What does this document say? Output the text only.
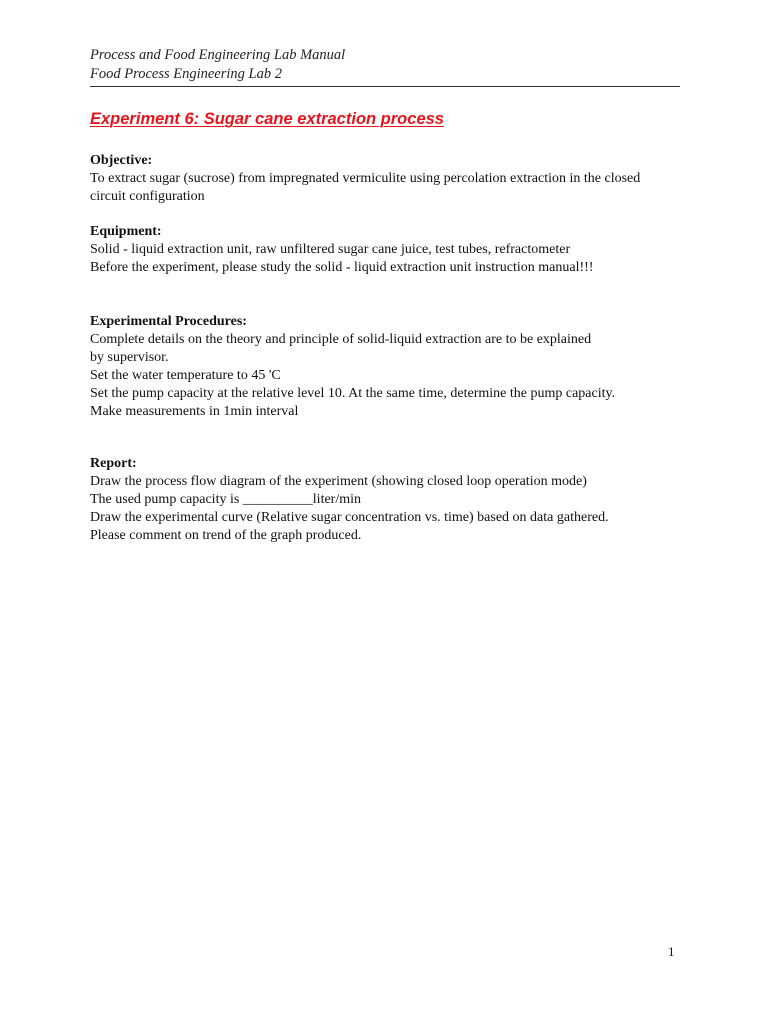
Process and Food Engineering Lab Manual
Food Process Engineering Lab 2
Experiment 6: Sugar cane extraction process
Objective:
To extract sugar (sucrose) from impregnated vermiculite using percolation extraction in the closed
circuit configuration
Equipment:
Solid - liquid extraction unit, raw unfiltered sugar cane juice, test tubes, refractometer
Before the experiment, please study the solid - liquid extraction unit instruction manual!!!
Experimental Procedures:
Complete details on the theory and principle of solid-liquid extraction are to be explained
by supervisor.
Set the water temperature to 45 'C
Set the pump capacity at the relative level 10. At the same time, determine the pump capacity.
Make measurements in 1min interval
Report:
Draw the process flow diagram of the experiment (showing closed loop operation mode)
The used pump capacity is __________liter/min
Draw the experimental curve (Relative sugar concentration vs. time) based on data gathered.
Please comment on trend of the graph produced.
1
